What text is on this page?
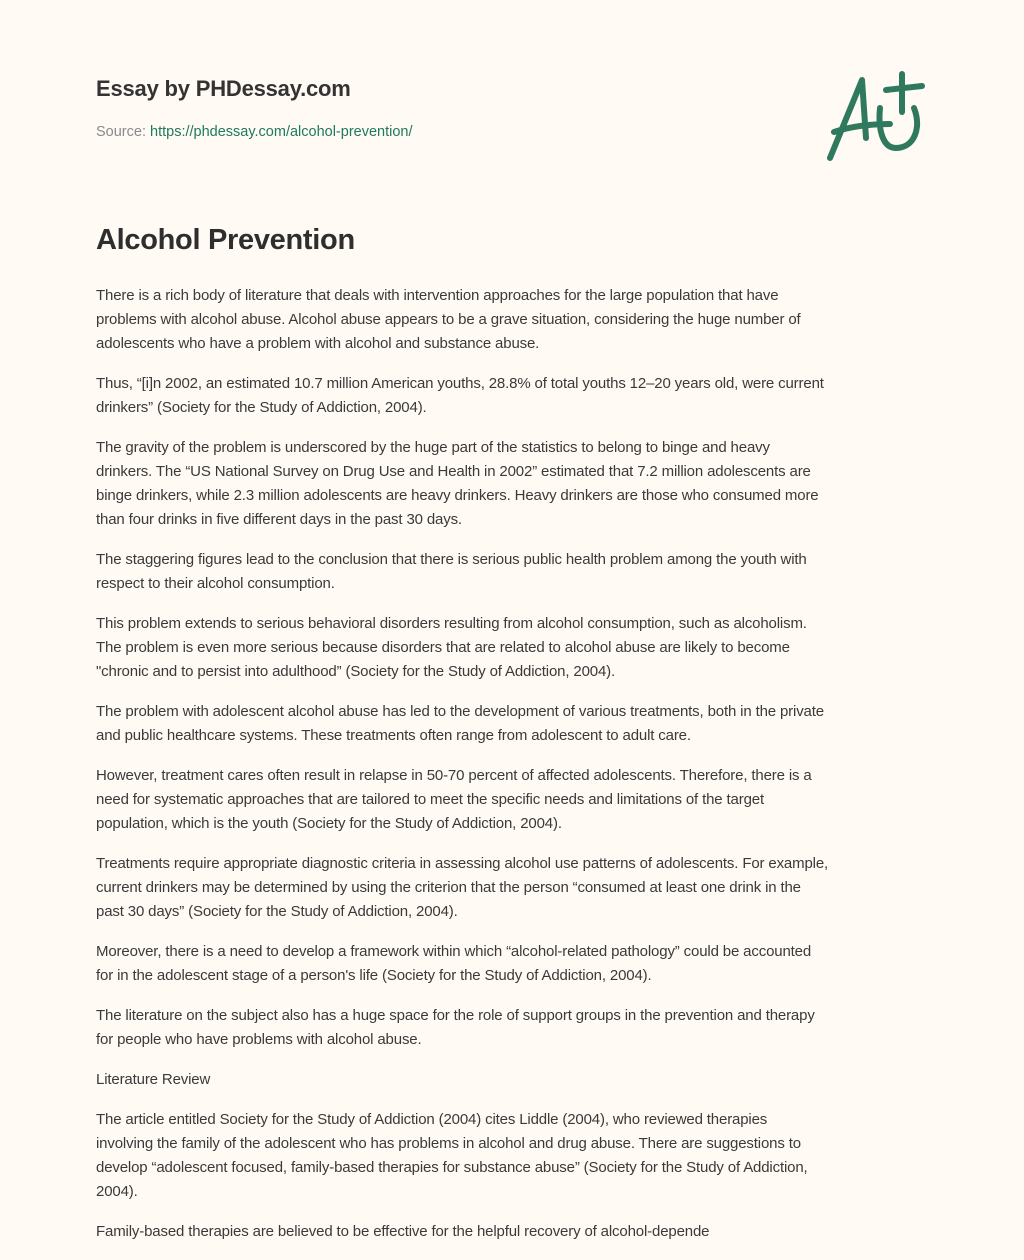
Essay by PHDessay.com
Source: https://phdessay.com/alcohol-prevention/
Alcohol Prevention

There is a rich body of literature that deals with intervention approaches for the large population that have
problems with alcohol abuse. Alcohol abuse appears to be a grave situation, considering the huge number of
adolescents who have a problem with alcohol and substance abuse.

Thus, “[i]n 2002, an estimated 10.7 million American youths, 28.8% of total youths 12–20 years old, were current
drinkers” (Society for the Study of Addiction, 2004).

The gravity of the problem is underscored by the huge part of the statistics to belong to binge and heavy
drinkers. The “US National Survey on Drug Use and Health in 2002” estimated that 7.2 million adolescents are
binge drinkers, while 2.3 million adolescents are heavy drinkers. Heavy drinkers are those who consumed more
than four drinks in five different days in the past 30 days.

The staggering figures lead to the conclusion that there is serious public health problem among the youth with
respect to their alcohol consumption.

This problem extends to serious behavioral disorders resulting from alcohol consumption, such as alcoholism.
The problem is even more serious because disorders that are related to alcohol abuse are likely to become
"chronic and to persist into adulthood” (Society for the Study of Addiction, 2004).

The problem with adolescent alcohol abuse has led to the development of various treatments, both in the private
and public healthcare systems. These treatments often range from adolescent to adult care.

However, treatment cares often result in relapse in 50-70 percent of affected adolescents. Therefore, there is a
need for systematic approaches that are tailored to meet the specific needs and limitations of the target
population, which is the youth (Society for the Study of Addiction, 2004).

Treatments require appropriate diagnostic criteria in assessing alcohol use patterns of adolescents. For example,
current drinkers may be determined by using the criterion that the person “consumed at least one drink in the
past 30 days” (Society for the Study of Addiction, 2004).

Moreover, there is a need to develop a framework within which “alcohol-related pathology” could be accounted
for in the adolescent stage of a person's life (Society for the Study of Addiction, 2004).

The literature on the subject also has a huge space for the role of support groups in the prevention and therapy
for people who have problems with alcohol abuse.

Literature Review

The article entitled Society for the Study of Addiction (2004) cites Liddle (2004), who reviewed therapies
involving the family of the adolescent who has problems in alcohol and drug abuse. There are suggestions to
develop “adolescent focused, family-based therapies for substance abuse” (Society for the Study of Addiction,
2004).

Family-based therapies are believed to be effective for the helpful recovery of alcohol-depende
